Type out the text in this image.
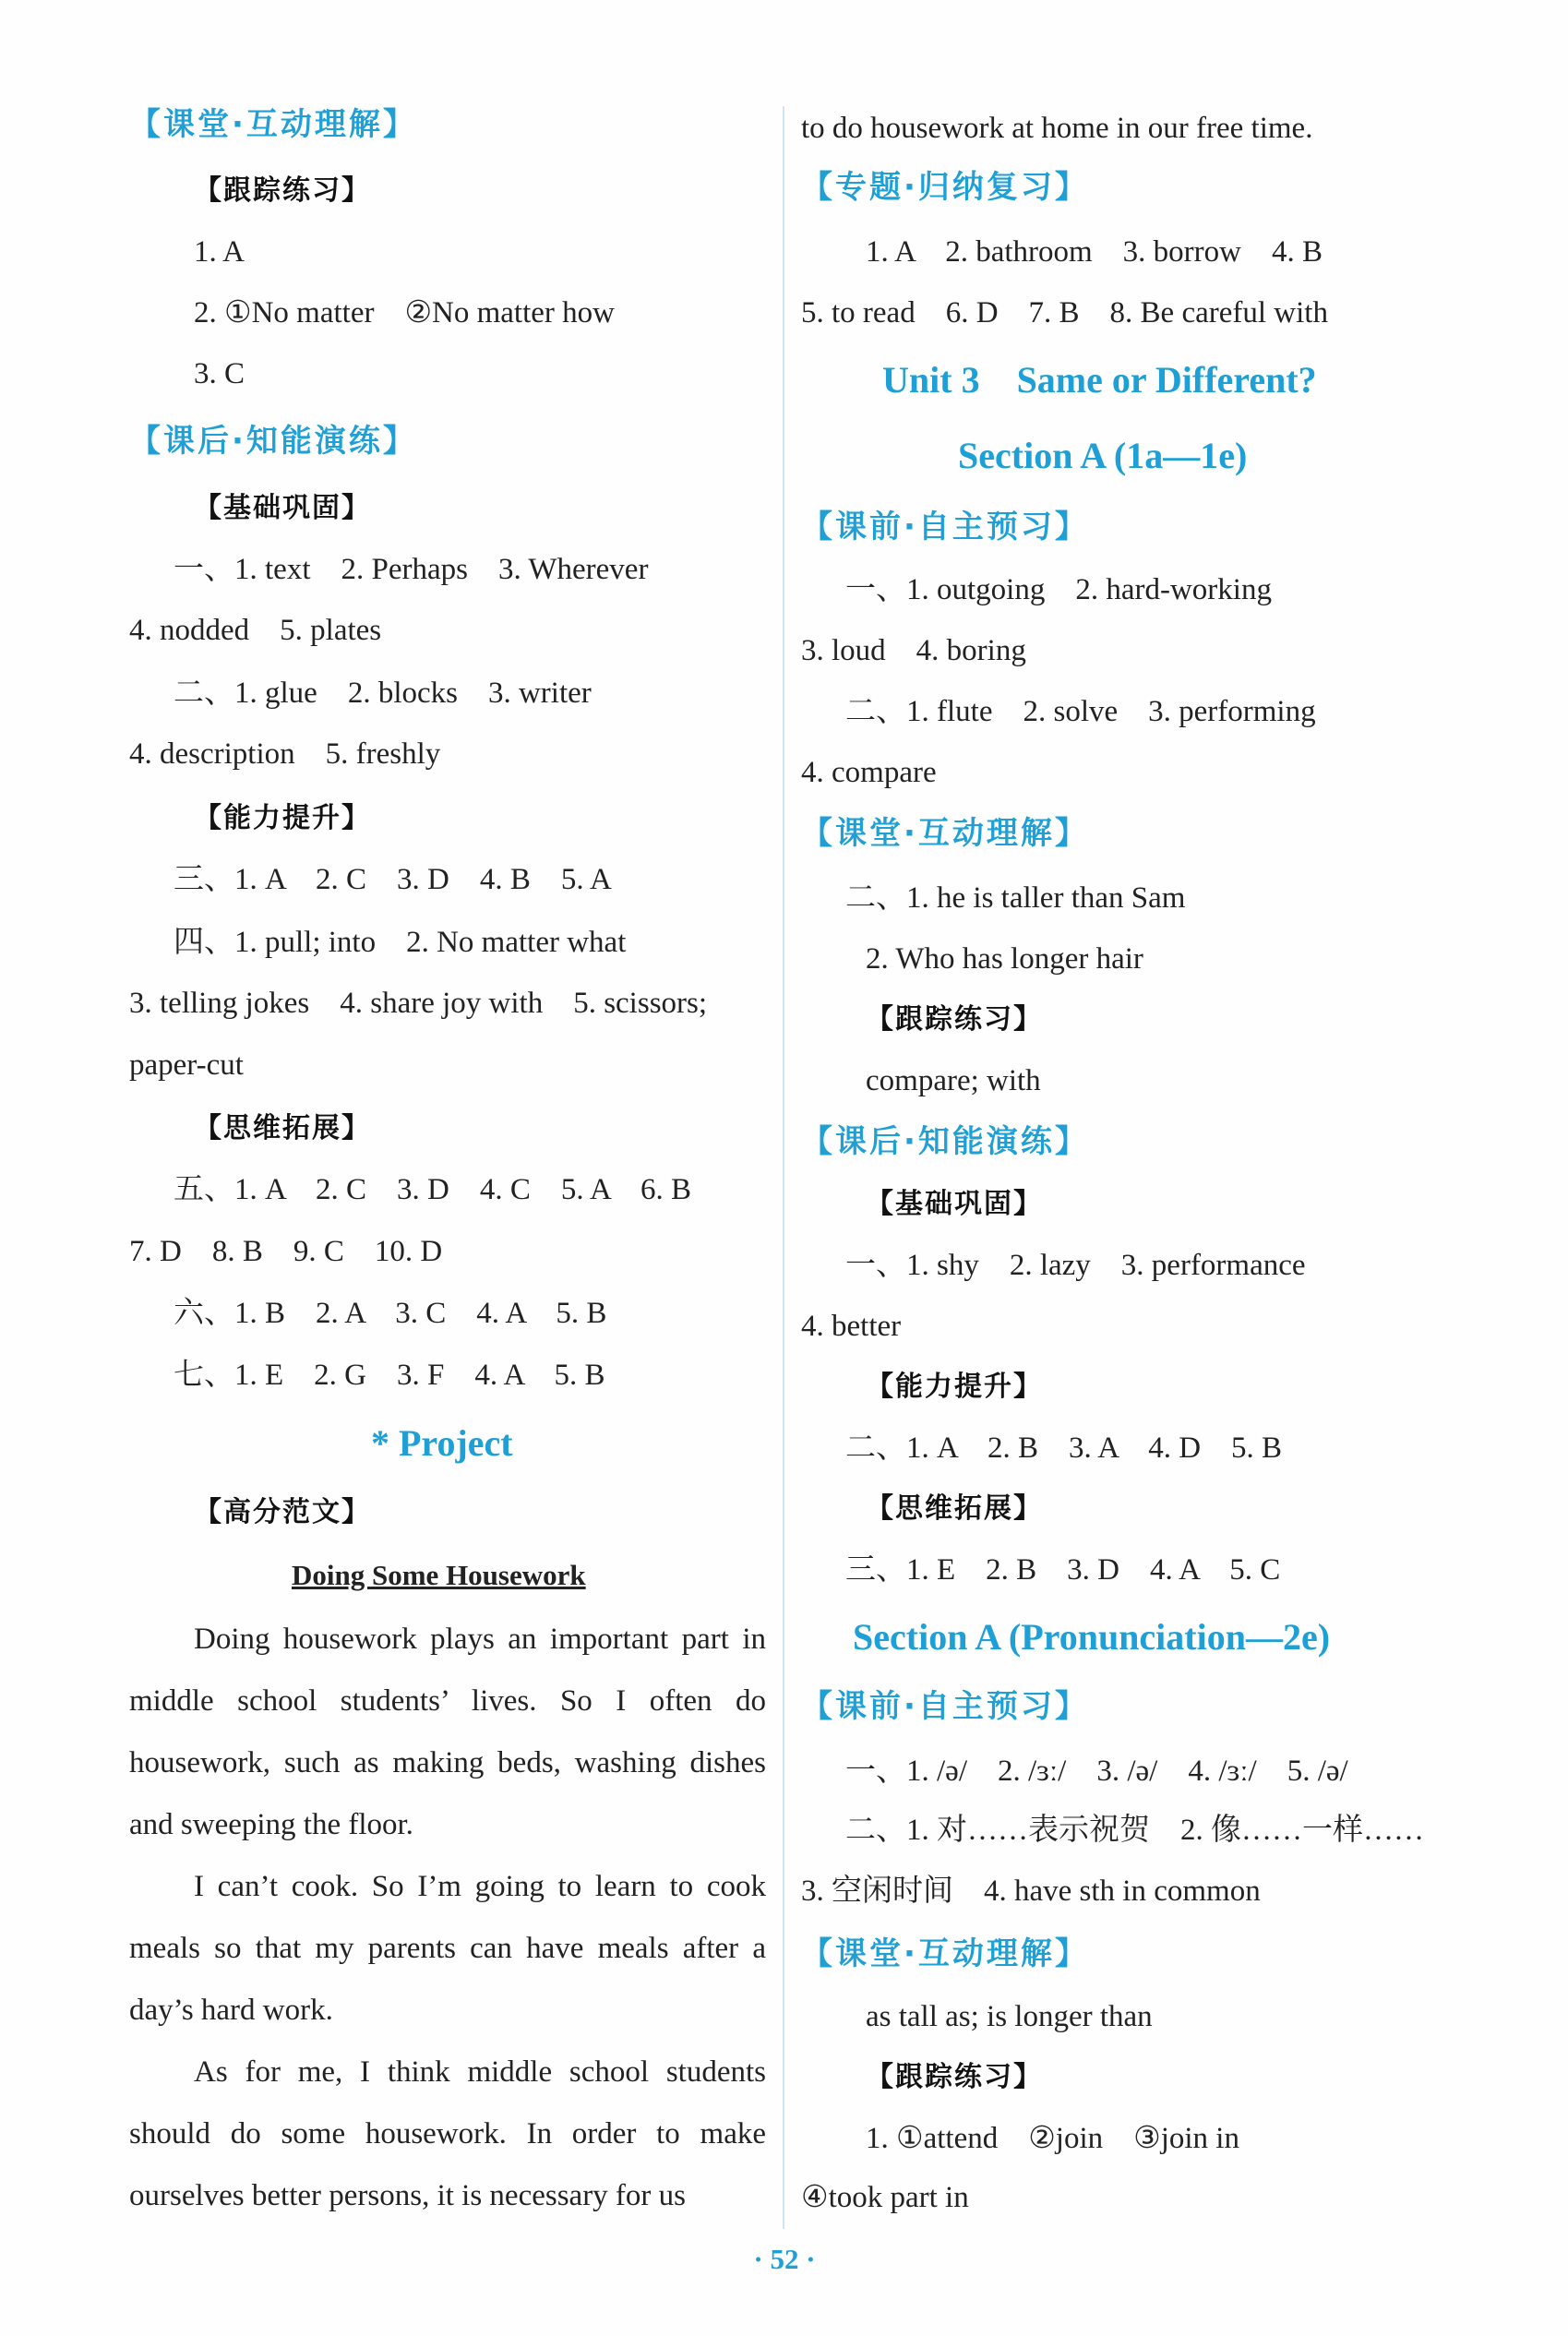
【课堂·互动理解】
【跟踪练习】
1. A
2. ①No matter　②No matter how
3. C
【课后·知能演练】
【基础巩固】
一、1. text　2. Perhaps　3. Wherever
4. nodded　5. plates
二、1. glue　2. blocks　3. writer
4. description　5. freshly
【能力提升】
三、1. A　2. C　3. D　4. B　5. A
四、1. pull; into　2. No matter what
3. telling jokes　4. share joy with　5. scissors;
paper-cut
【思维拓展】
五、1. A　2. C　3. D　4. C　5. A　6. B
7. D　8. B　9. C　10. D
六、1. B　2. A　3. C　4. A　5. B
七、1. E　2. G　3. F　4. A　5. B
* Project
【高分范文】
Doing Some Housework
Doing housework plays an important part in middle school students’ lives. So I often do housework, such as making beds, washing dishes and sweeping the floor.
I can’t cook. So I’m going to learn to cook meals so that my parents can have meals after a day’s hard work.
As for me, I think middle school students should do some housework. In order to make ourselves better persons, it is necessary for us
to do housework at home in our free time.
【专题·归纳复习】
1. A　2. bathroom　3. borrow　4. B
5. to read　6. D　7. B　8. Be careful with
Unit 3　Same or Different?
Section A (1a—1e)
【课前·自主预习】
一、1. outgoing　2. hard-working
3. loud　4. boring
二、1. flute　2. solve　3. performing
4. compare
【课堂·互动理解】
二、1. he is taller than Sam
2. Who has longer hair
【跟踪练习】
compare; with
【课后·知能演练】
【基础巩固】
一、1. shy　2. lazy　3. performance
4. better
【能力提升】
二、1. A　2. B　3. A　4. D　5. B
【思维拓展】
三、1. E　2. B　3. D　4. A　5. C
Section A (Pronunciation—2e)
【课前·自主预习】
一、1. /ə/　2. /ɜː/　3. /ə/　4. /ɜː/　5. /ə/
二、1. 对……表示祝贺　2. 像……一样……
3. 空闲时间　4. have sth in common
【课堂·互动理解】
as tall as; is longer than
【跟踪练习】
1. ①attend　②join　③join in
④took part in
· 52 ·
